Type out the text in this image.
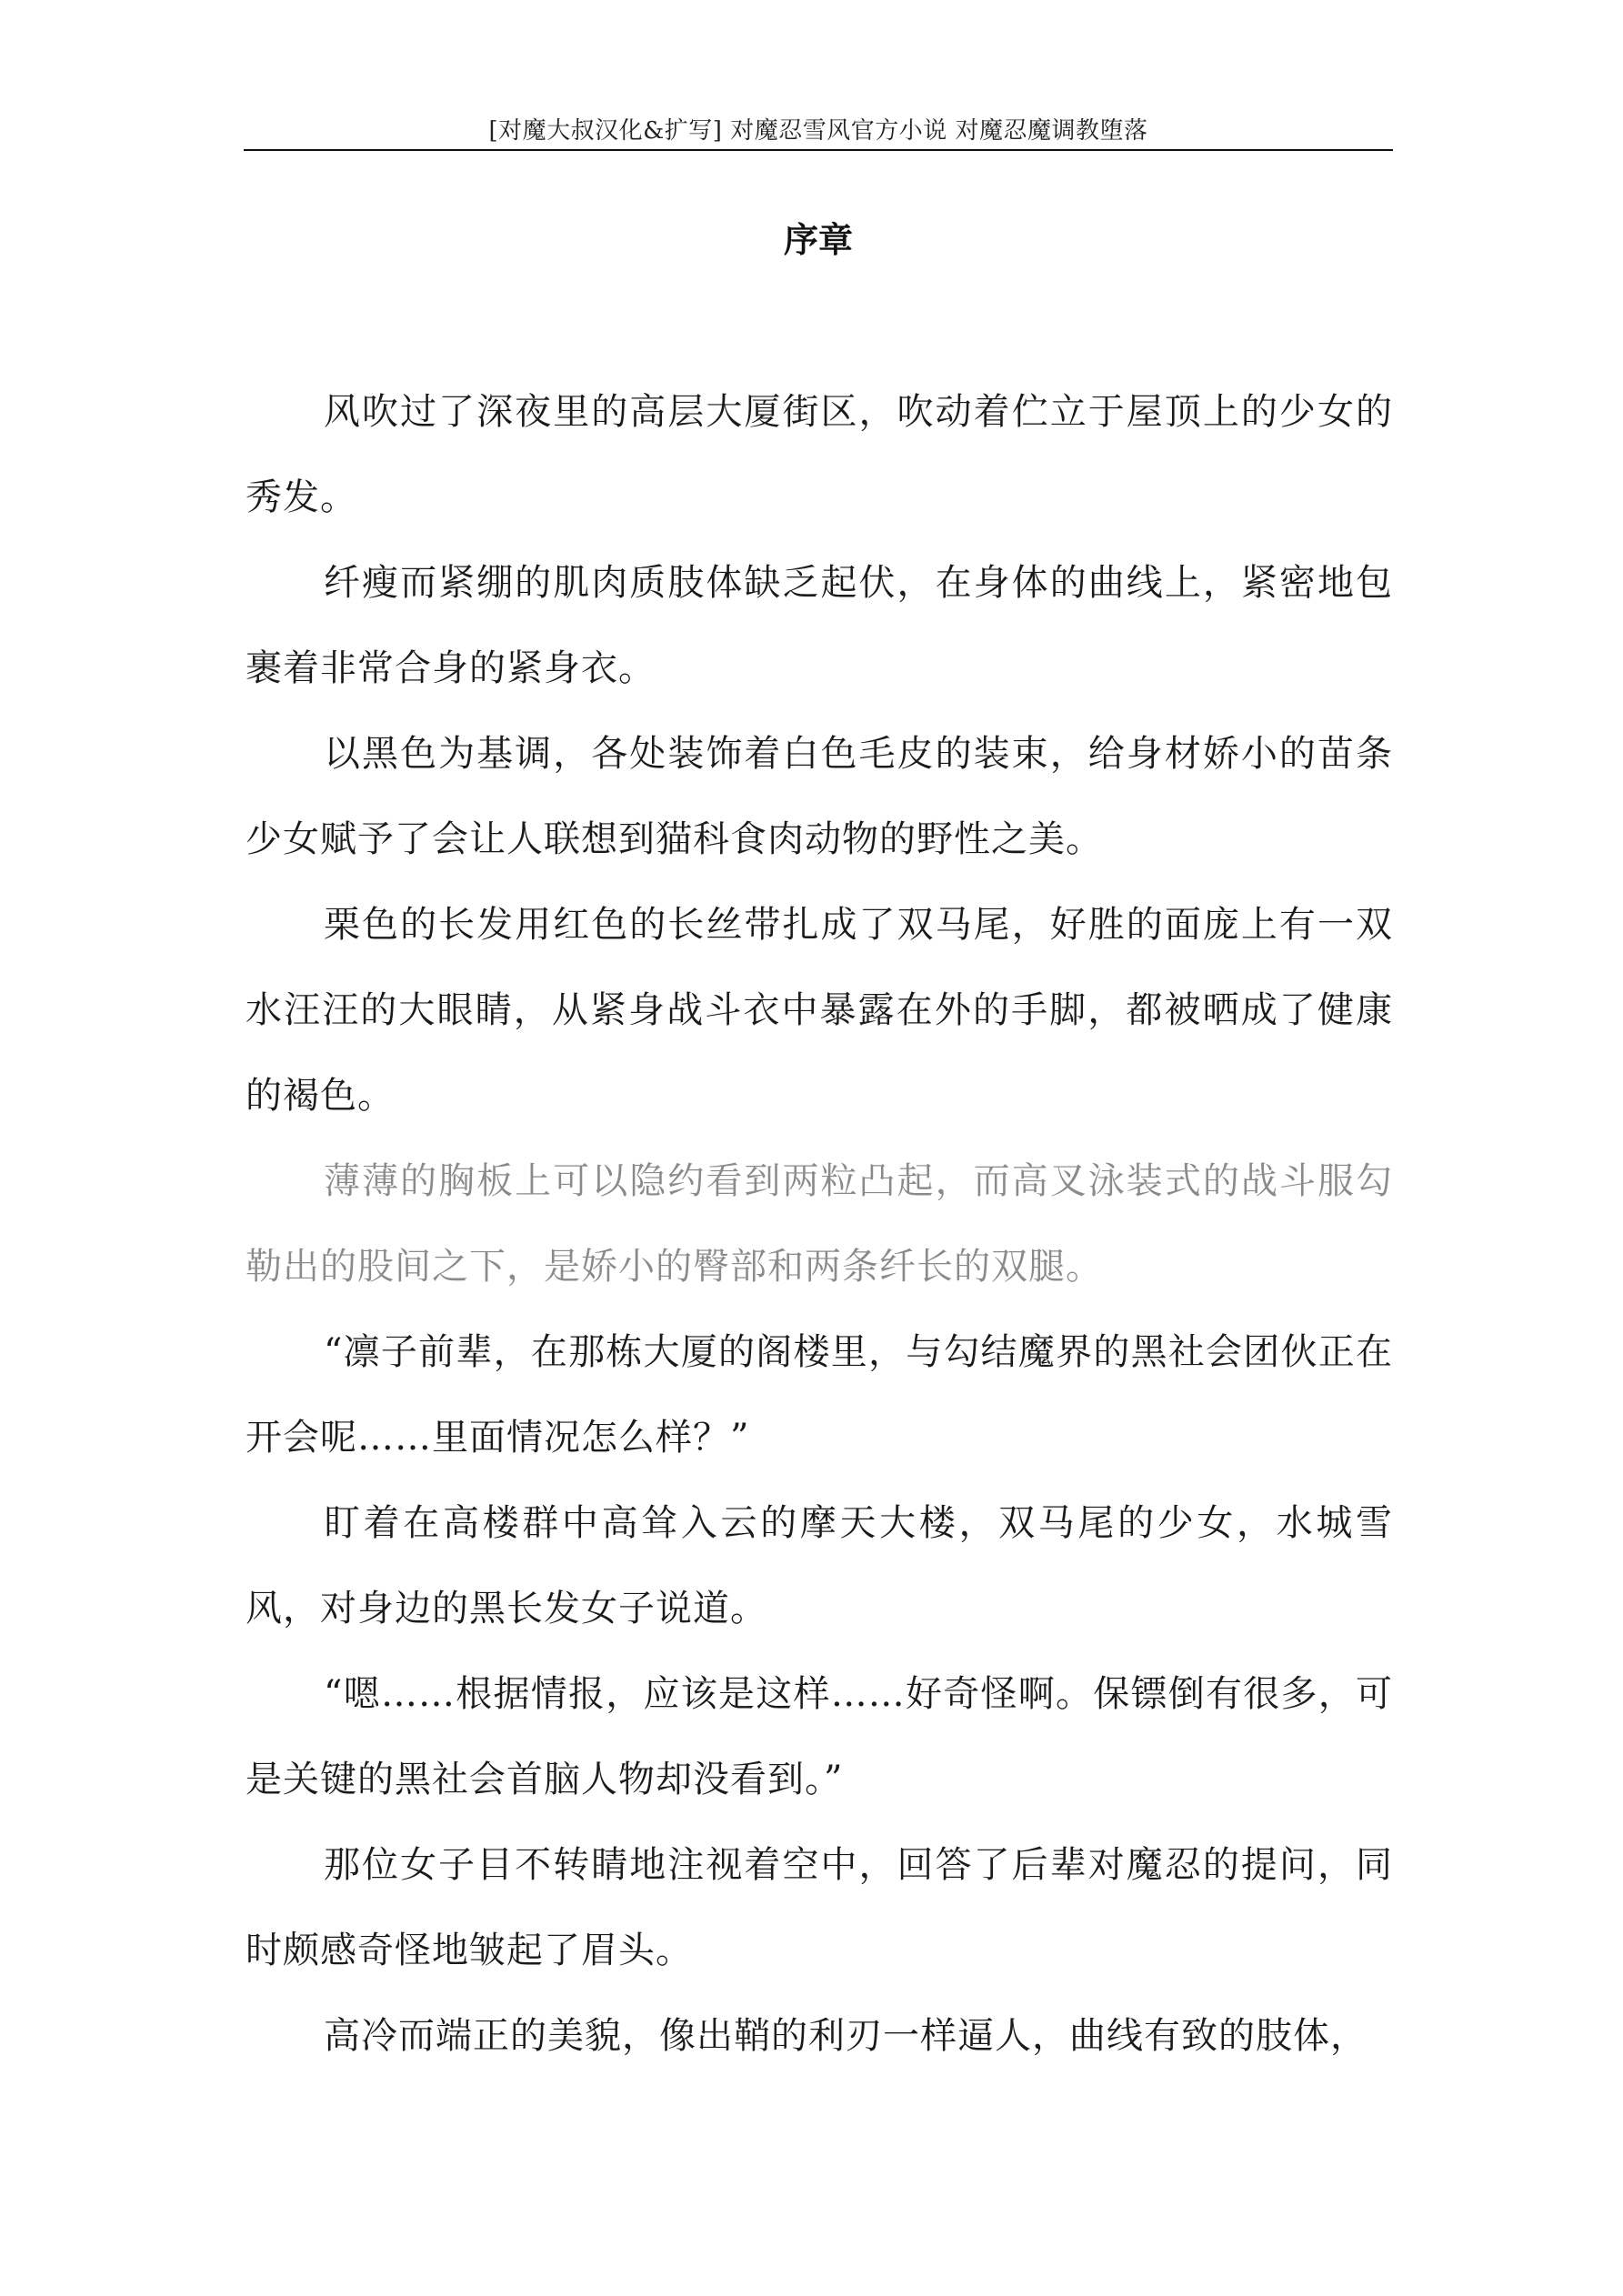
[对魔大叔汉化&扩写] 对魔忍雪风官方小说 对魔忍魔调教堕落
序章

风吹过了深夜里的高层大厦街区，吹动着伫立于屋顶上的少女的秀发。

纤瘦而紧绷的肌肉质肢体缺乏起伏，在身体的曲线上，紧密地包裹着非常合身的紧身衣。

以黑色为基调，各处装饰着白色毛皮的装束，给身材娇小的苗条少女赋予了会让人联想到猫科食肉动物的野性之美。

栗色的长发用红色的长丝带扎成了双马尾，好胜的面庞上有一双水汪汪的大眼睛，从紧身战斗衣中暴露在外的手脚，都被晒成了健康的褐色。

薄薄的胸板上可以隐约看到两粒凸起，而高叉泳装式的战斗服勾勒出的股间之下，是娇小的臀部和两条纤长的双腿。

“凛子前辈，在那栋大厦的阁楼里，与勾结魔界的黑社会团伙正在开会呢……里面情况怎么样？”

盯着在高楼群中高耸入云的摩天大楼，双马尾的少女，水城雪风，对身边的黑长发女子说道。

“嗯……根据情报，应该是这样……好奇怪啊。保镖倒有很多，可是关键的黑社会首脑人物却没看到。”

那位女子目不转睛地注视着空中，回答了后辈对魔忍的提问，同时颇感奇怪地皱起了眉头。

高冷而端正的美貌，像出鞘的利刃一样逼人，曲线有致的肢体，
